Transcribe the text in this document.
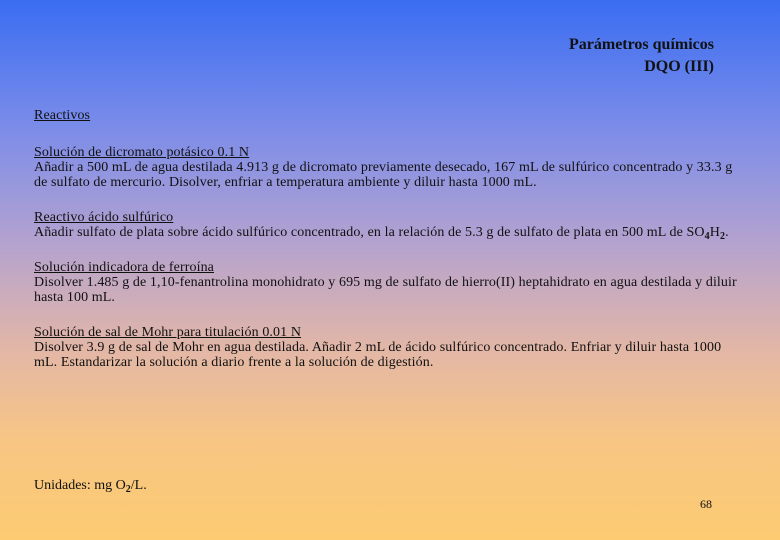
Parámetros químicos
DQO (III)
Reactivos
Solución de dicromato potásico 0.1 N
Añadir a 500 mL de agua destilada 4.913 g de dicromato previamente desecado, 167 mL de sulfúrico concentrado y 33.3 g de sulfato de mercurio. Disolver, enfriar a temperatura ambiente y diluir hasta 1000 mL.
Reactivo ácido sulfúrico
Añadir sulfato de plata sobre ácido sulfúrico concentrado, en la relación de 5.3 g de sulfato de plata en 500 mL de $SO_4H_2$.
Solución indicadora de ferroína
Disolver 1.485 g de 1,10-fenantrolina monohidrato y 695 mg de sulfato de hierro(II) heptahidrato en agua destilada y diluir hasta 100 mL.
Solución de sal de Mohr para titulación 0.01 N
Disolver 3.9 g de sal de Mohr en agua destilada. Añadir 2 mL de ácido sulfúrico concentrado. Enfriar y diluir hasta 1000 mL. Estandarizar la solución a diario frente a la solución de digestión.
Unidades: mg $O_2/L$.
68
